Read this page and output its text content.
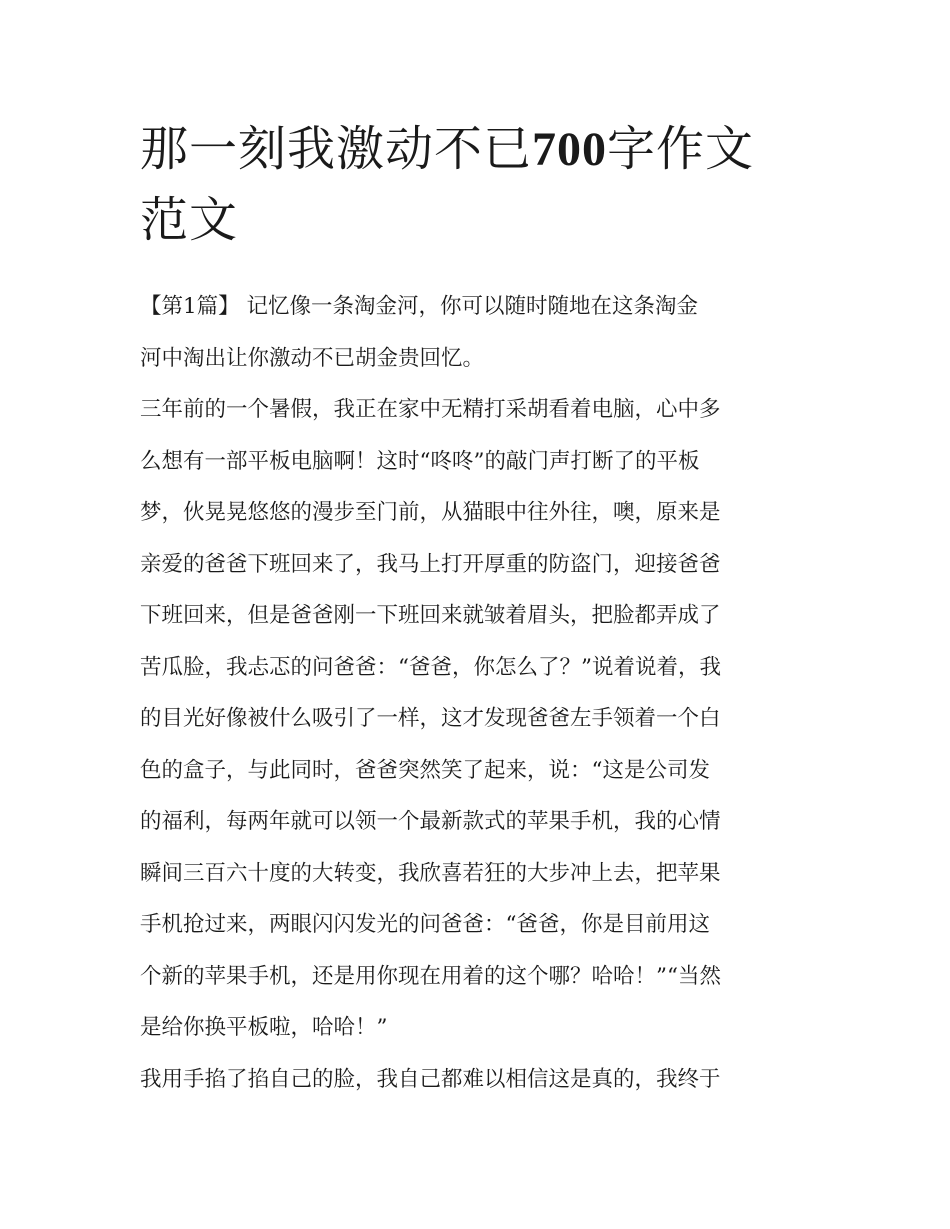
那一刻我激动不已700字作文
范文
【第1篇】 记忆像一条淘金河，你可以随时随地在这条淘金
河中淘出让你激动不已胡金贵回忆。
三年前的一个暑假，我正在家中无精打采胡看着电脑，心中多
么想有一部平板电脑啊！这时“咚咚”的敲门声打断了的平板
梦，伙晃晃悠悠的漫步至门前，从猫眼中往外往，噢，原来是
亲爱的爸爸下班回来了，我马上打开厚重的防盗门，迎接爸爸
下班回来，但是爸爸刚一下班回来就皱着眉头，把脸都弄成了
苦瓜脸，我忐忑的问爸爸：“爸爸，你怎么了？”说着说着，我
的目光好像被什么吸引了一样，这才发现爸爸左手领着一个白
色的盒子，与此同时，爸爸突然笑了起来，说：“这是公司发
的福利，每两年就可以领一个最新款式的苹果手机，我的心情
瞬间三百六十度的大转变，我欣喜若狂的大步冲上去，把苹果
手机抢过来，两眼闪闪发光的问爸爸：“爸爸，你是目前用这
个新的苹果手机，还是用你现在用着的这个哪？哈哈！”“当然
是给你换平板啦，哈哈！”
我用手掐了掐自己的脸，我自己都难以相信这是真的，我终于
